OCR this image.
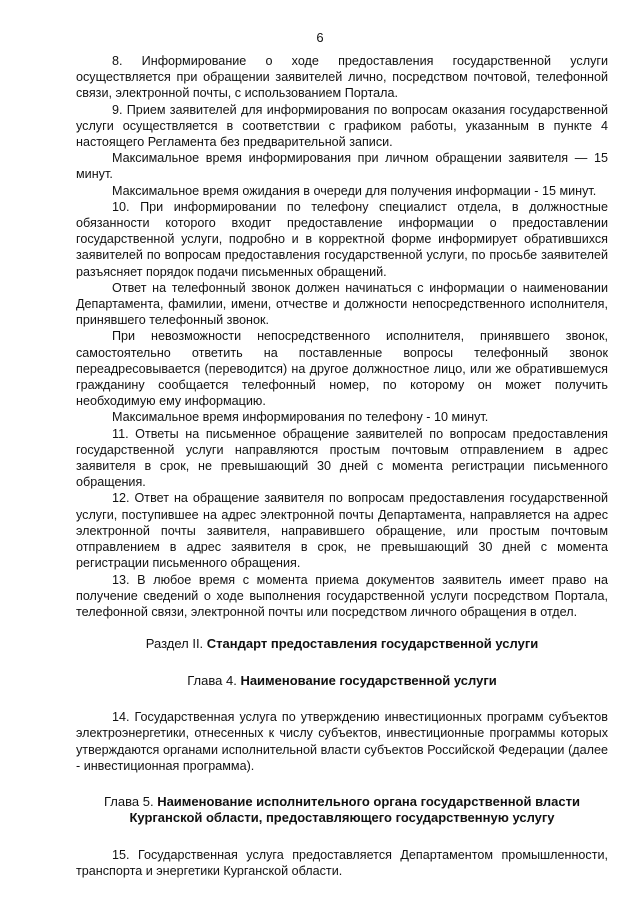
6

8. Информирование о ходе предоставления государственной услуги осуществляется при обращении заявителей лично, посредством почтовой, телефонной связи, электронной почты, с использованием Портала.

9. Прием заявителей для информирования по вопросам оказания государственной услуги осуществляется в соответствии с графиком работы, указанным в пункте 4 настоящего Регламента без предварительной записи.

Максимальное время информирования при личном обращении заявителя — 15 минут.

Максимальное время ожидания в очереди для получения информации - 15 минут.

10. При информировании по телефону специалист отдела, в должностные обязанности которого входит предоставление информации о предоставлении государственной услуги, подробно и в корректной форме информирует обратившихся заявителей по вопросам предоставления государственной услуги, по просьбе заявителей разъясняет порядок подачи письменных обращений.

Ответ на телефонный звонок должен начинаться с информации о наименовании Департамента, фамилии, имени, отчестве и должности непосредственного исполнителя, принявшего телефонный звонок.

При невозможности непосредственного исполнителя, принявшего звонок, самостоятельно ответить на поставленные вопросы телефонный звонок переадресовывается (переводится) на другое должностное лицо, или же обратившемуся гражданину сообщается телефонный номер, по которому он может получить необходимую ему информацию.

Максимальное время информирования по телефону - 10 минут.

11. Ответы на письменное обращение заявителей по вопросам предоставления государственной услуги направляются простым почтовым отправлением в адрес заявителя в срок, не превышающий 30 дней с момента регистрации письменного обращения.

12. Ответ на обращение заявителя по вопросам предоставления государственной услуги, поступившее на адрес электронной почты Департамента, направляется на адрес электронной почты заявителя, направившего обращение, или простым почтовым отправлением в адрес заявителя в срок, не превышающий 30 дней с момента регистрации письменного обращения.

13. В любое время с момента приема документов заявитель имеет право на получение сведений о ходе выполнения государственной услуги посредством Портала, телефонной связи, электронной почты или посредством личного обращения в отдел.

Раздел II. Стандарт предоставления государственной услуги

Глава 4. Наименование государственной услуги

14. Государственная услуга по утверждению инвестиционных программ субъектов электроэнергетики, отнесенных к числу субъектов, инвестиционные программы которых утверждаются органами исполнительной власти субъектов Российской Федерации (далее - инвестиционная программа).

Глава 5. Наименование исполнительного органа государственной власти

Курганской области, предоставляющего государственную услугу

15. Государственная услуга предоставляется Департаментом промышленности, транспорта и энергетики Курганской области.
